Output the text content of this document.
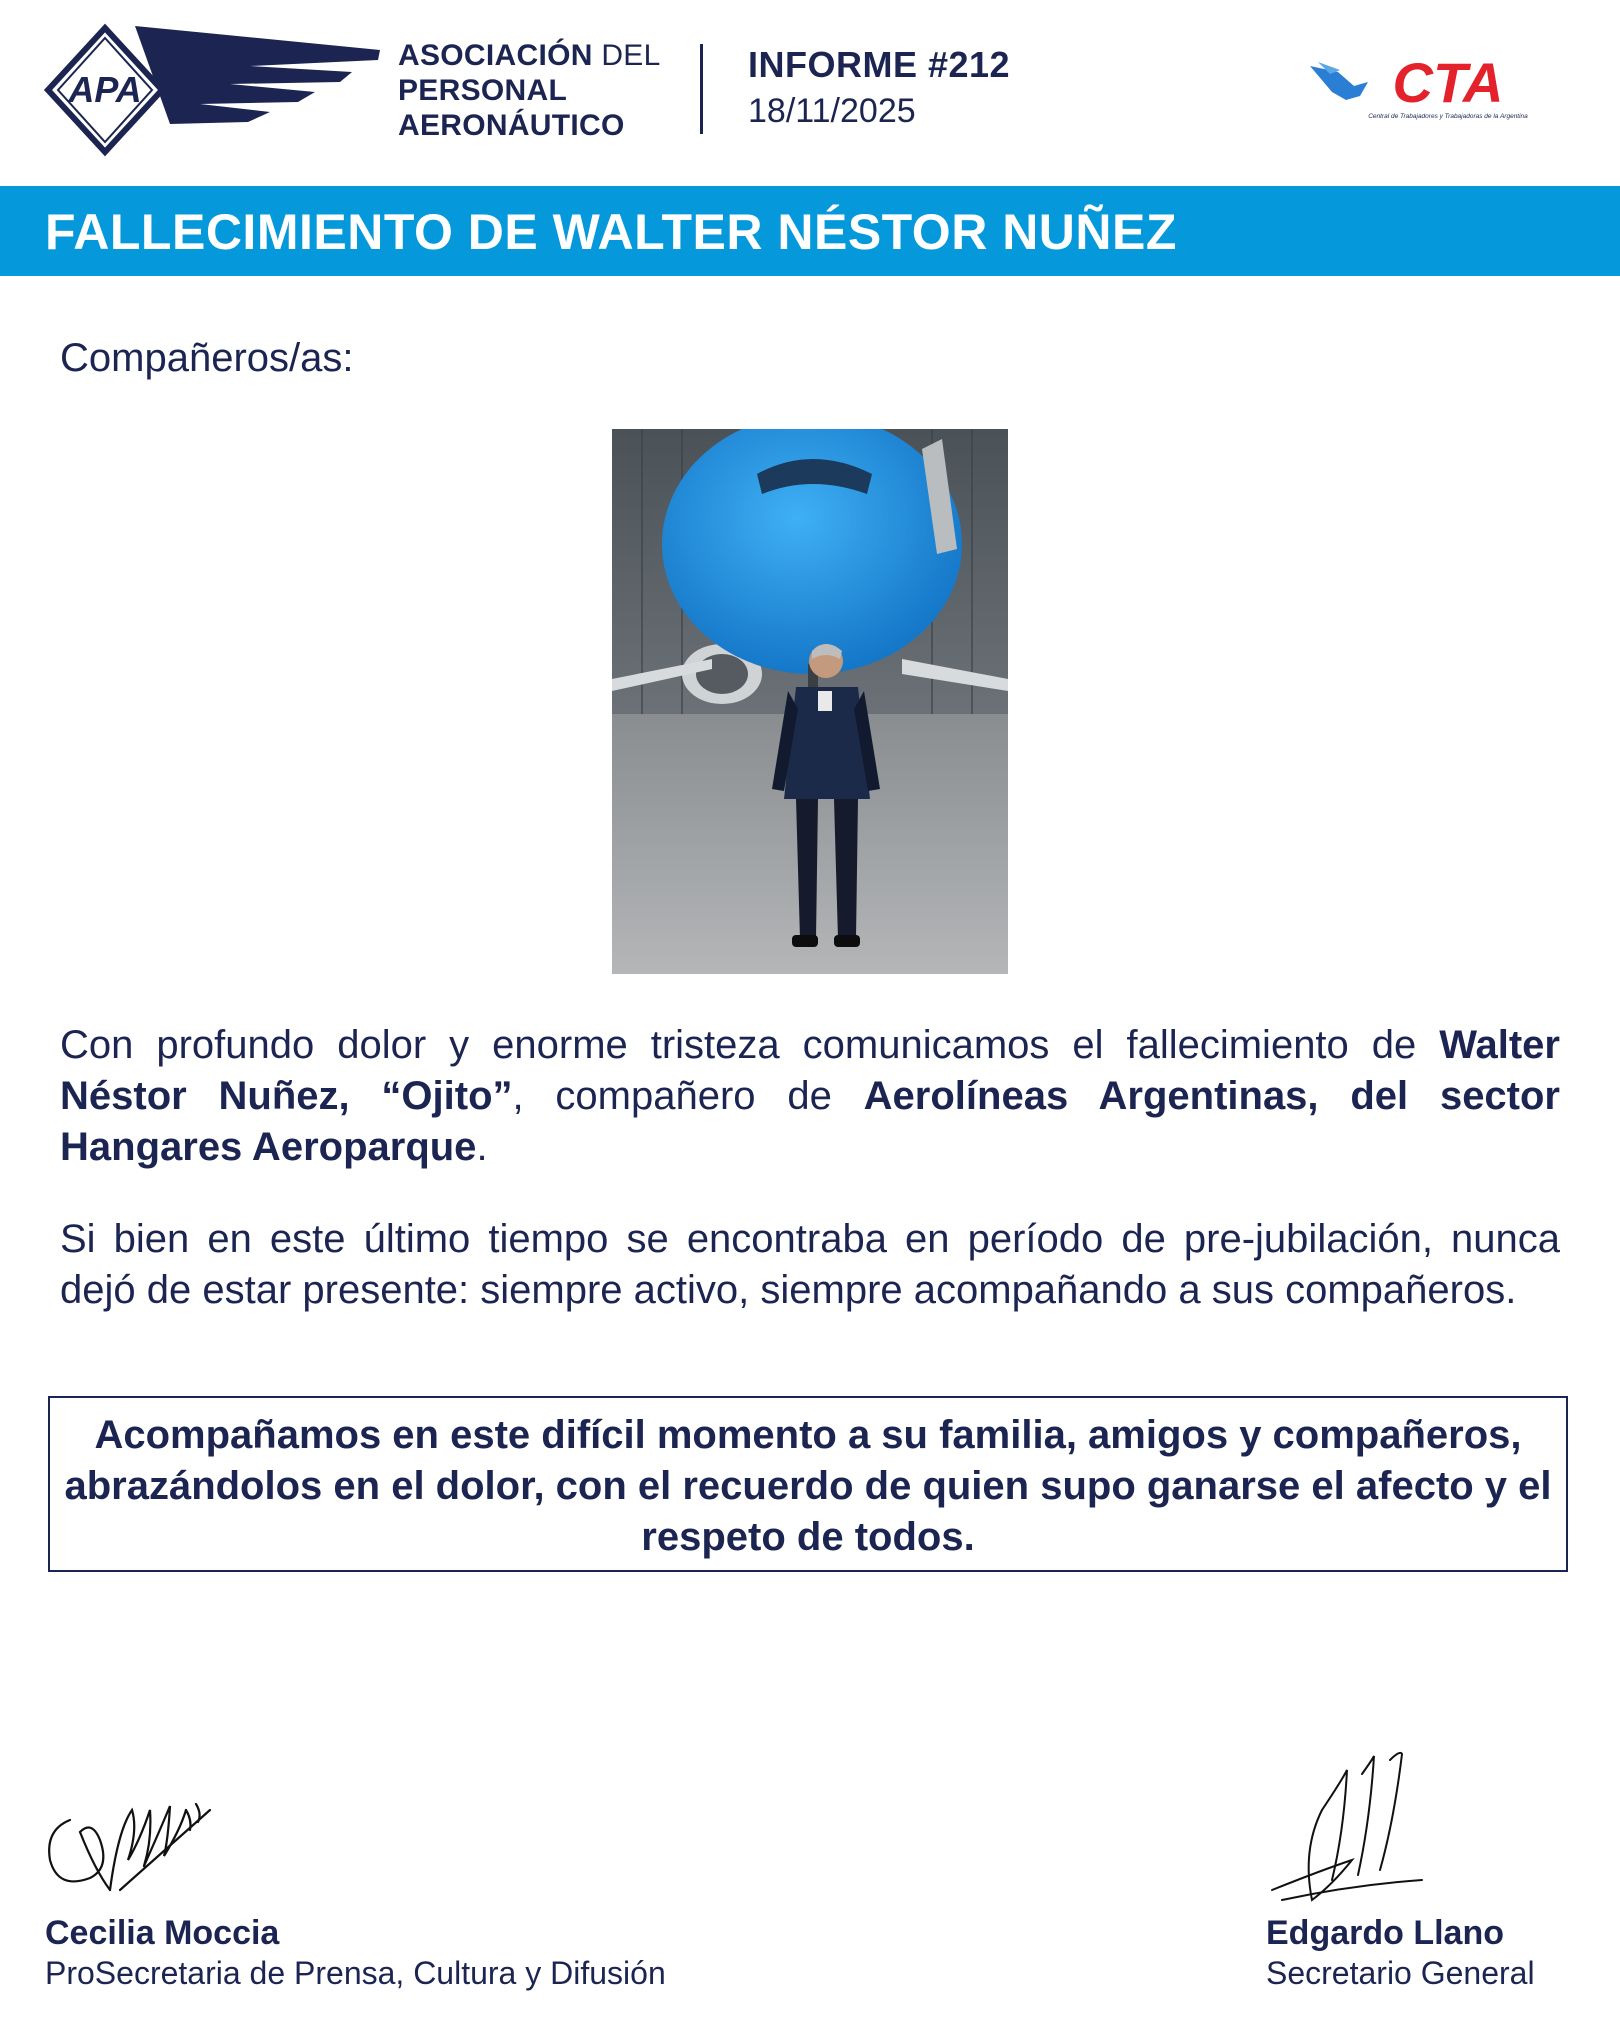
APA
ASOCIACIÓN DEL
PERSONAL
AERONÁUTICO
INFORME #212
18/11/2025	CTA
Central de Trabajadores y Trabajadoras de la Argentina
FALLECIMIENTO DE WALTER NÉSTOR NUÑEZ
Compañeros/as:
Con profundo dolor y enorme tristeza comunicamos el fallecimiento de Walter Néstor Nuñez, “Ojito”, compañero de Aerolíneas Argentinas, del sector Hangares Aeroparque.
Si bien en este último tiempo se encontraba en período de pre-jubilación, nunca dejó de estar presente: siempre activo, siempre acompañando a sus compañeros.
Acompañamos en este difícil momento a su familia, amigos y compañeros, abrazándolos en el dolor, con el recuerdo de quien supo ganarse el afecto y el respeto de todos.
Cecilia Moccia
ProSecretaria de Prensa, Cultura y Difusión
Edgardo Llano
Secretario General
